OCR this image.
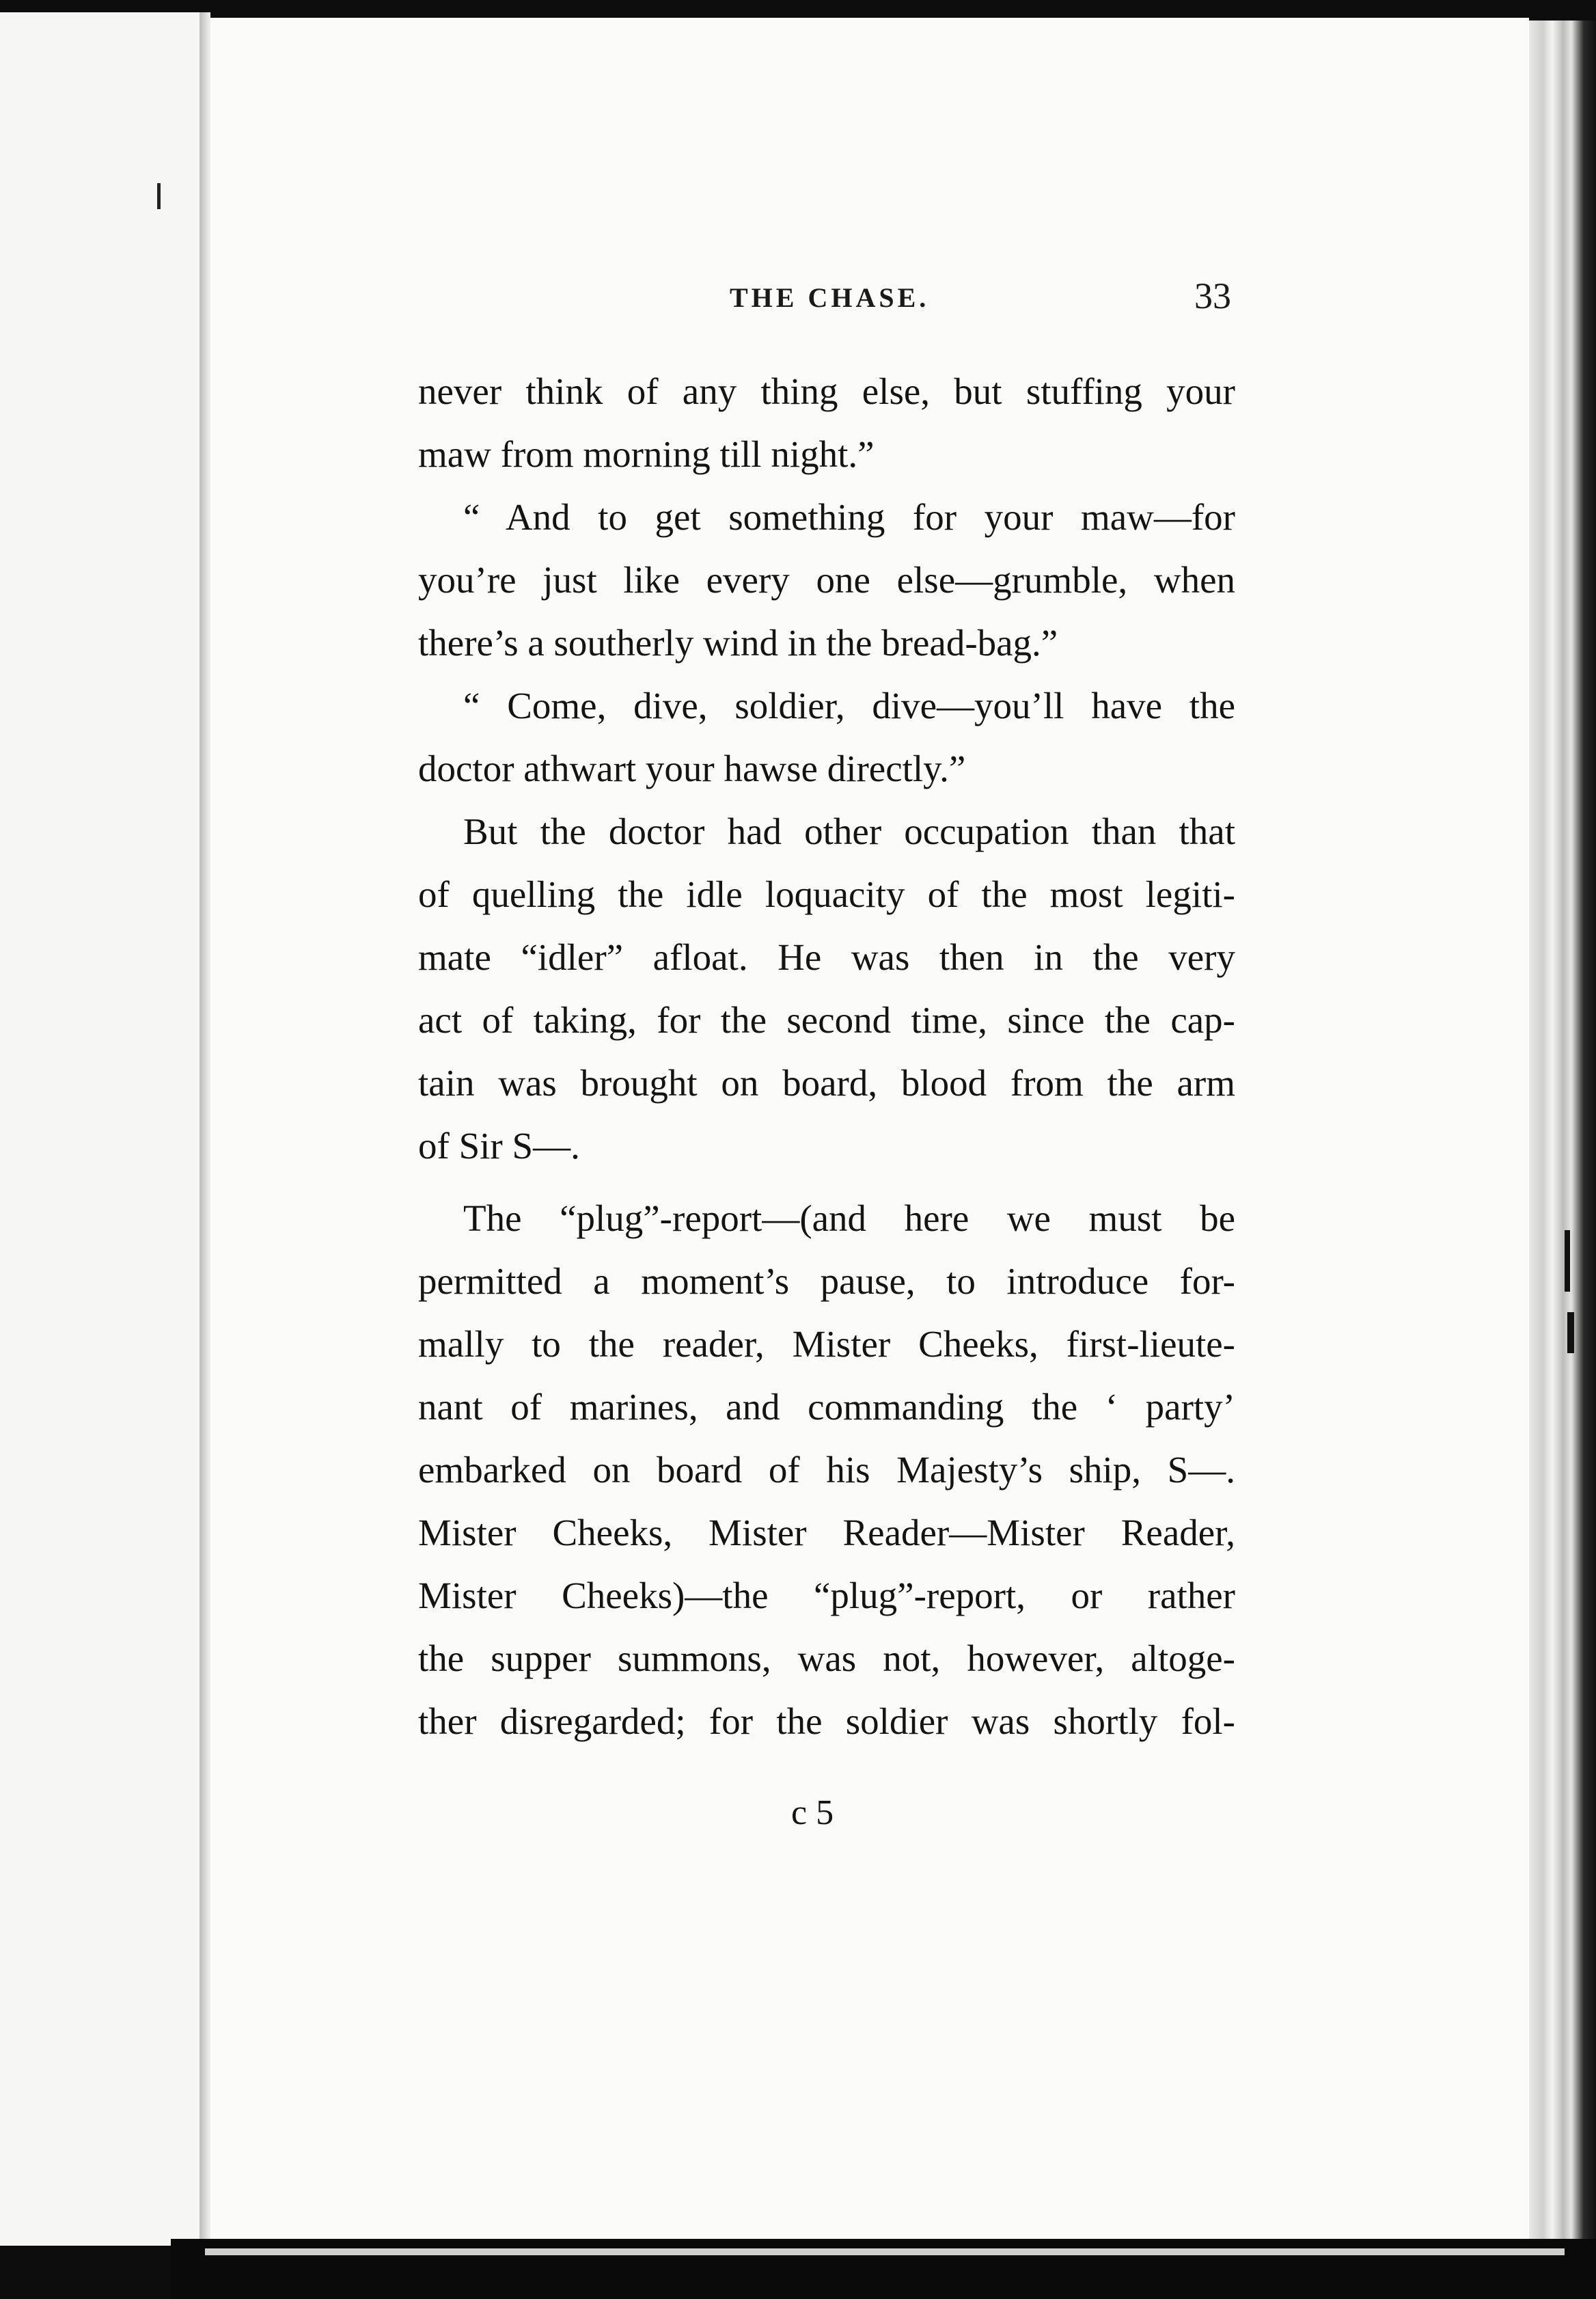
THE CHASE.	33
never think of any thing else, but stuffing your
maw from morning till night.”
“ And to get something for your maw—for
you’re just like every one else—grumble, when
there’s a southerly wind in the bread-bag.”
“ Come, dive, soldier, dive—you’ll have the
doctor athwart your hawse directly.”
But the doctor had other occupation than that
of quelling the idle loquacity of the most legiti-
mate “idler” afloat. He was then in the very
act of taking, for the second time, since the cap-
tain was brought on board, blood from the arm
of Sir S—.
The “plug”-report—(and here we must be
permitted a moment’s pause, to introduce for-
mally to the reader, Mister Cheeks, first-lieute-
nant of marines, and commanding the ‘ party’
embarked on board of his Majesty’s ship, S—.
Mister Cheeks, Mister Reader—Mister Reader,
Mister Cheeks)—the “plug”-report, or rather
the supper summons, was not, however, altoge-
ther disregarded; for the soldier was shortly fol-
c 5
